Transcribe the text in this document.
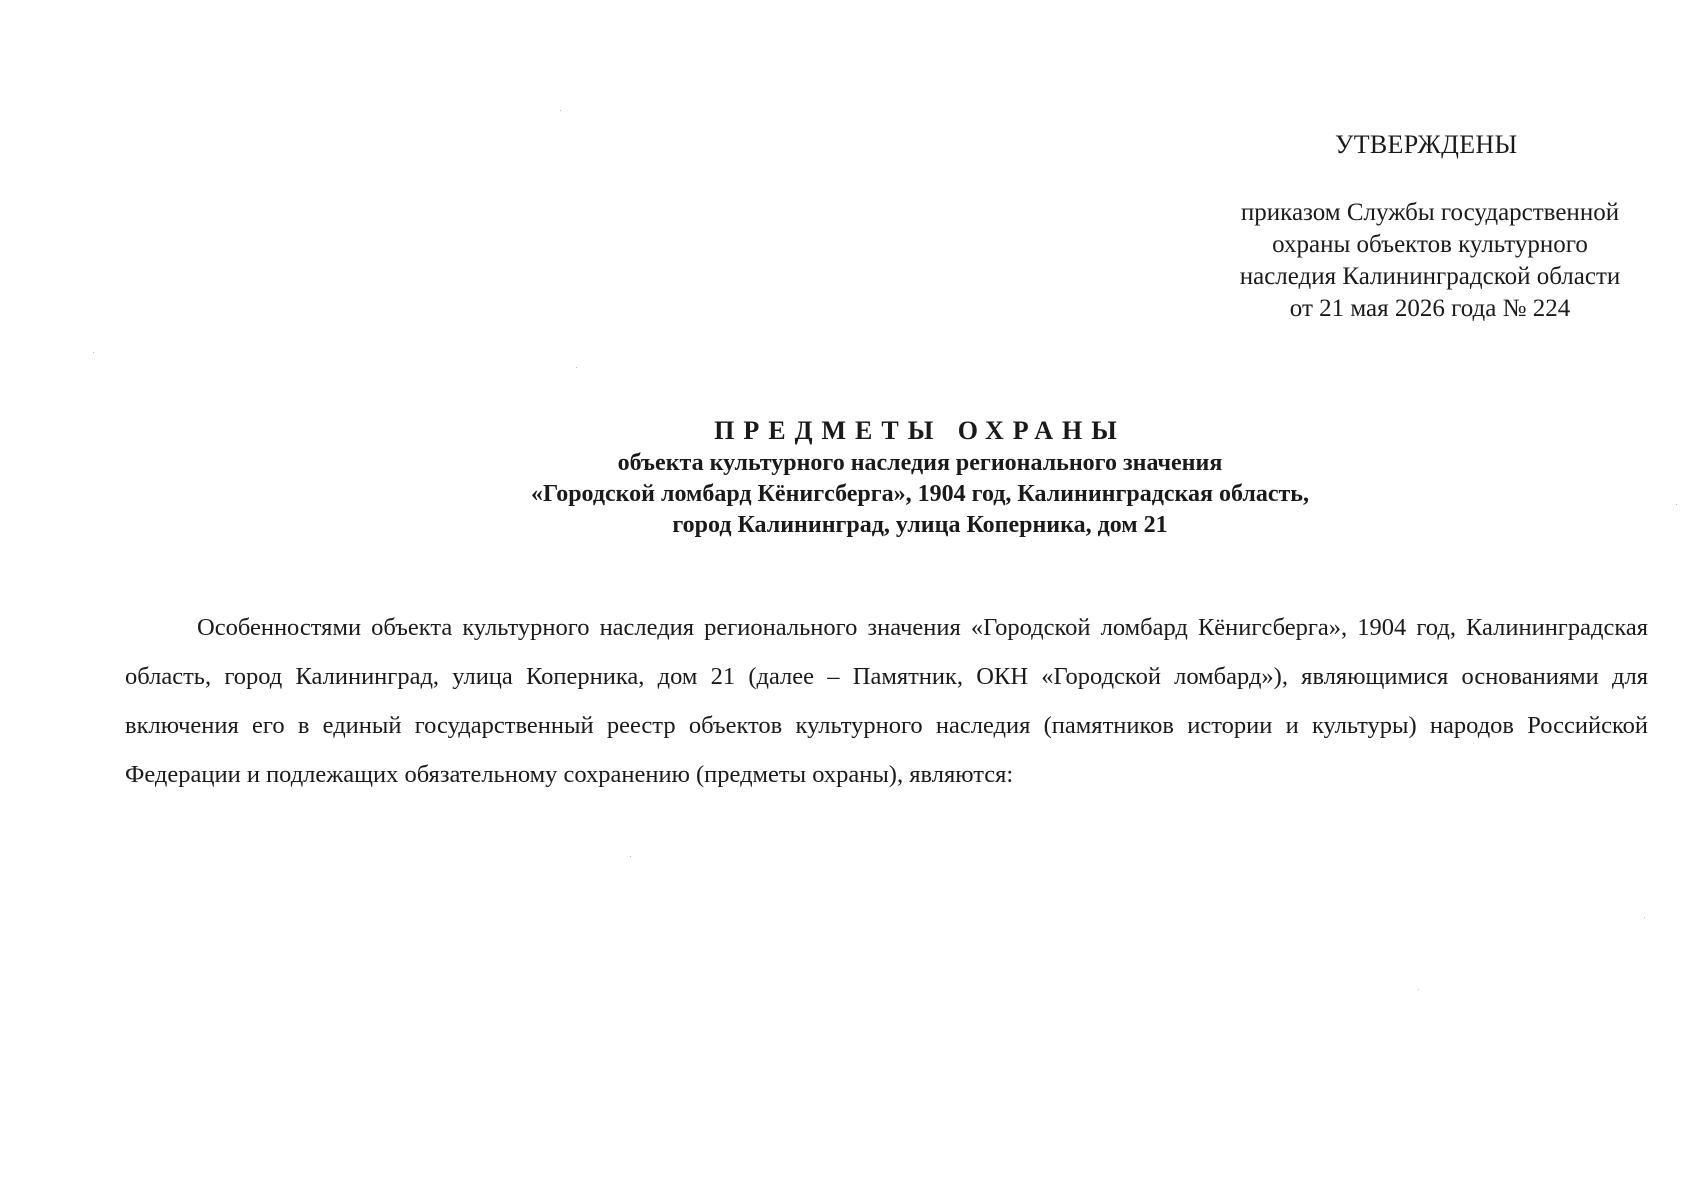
УТВЕРЖДЕНЫ
приказом Службы государственной
охраны объектов культурного
наследия Калининградской области
от 21 мая 2026 года № 224
ПРЕДМЕТЫ ОХРАНЫ
объекта культурного наследия регионального значения
«Городской ломбард Кёнигсберга», 1904 год, Калининградская область,
город Калининград, улица Коперника, дом 21

Особенностями объекта культурного наследия регионального значения «Городской ломбард Кёнигсберга», 1904 год, Калининградская область, город Калининград, улица Коперника, дом 21 (далее – Памятник, ОКН «Городской ломбард»), являющимися основаниями для включения его в единый государственный реестр объектов культурного наследия (памятников истории и культуры) народов Российской Федерации и подлежащих обязательному сохранению (предметы охраны), являются:
